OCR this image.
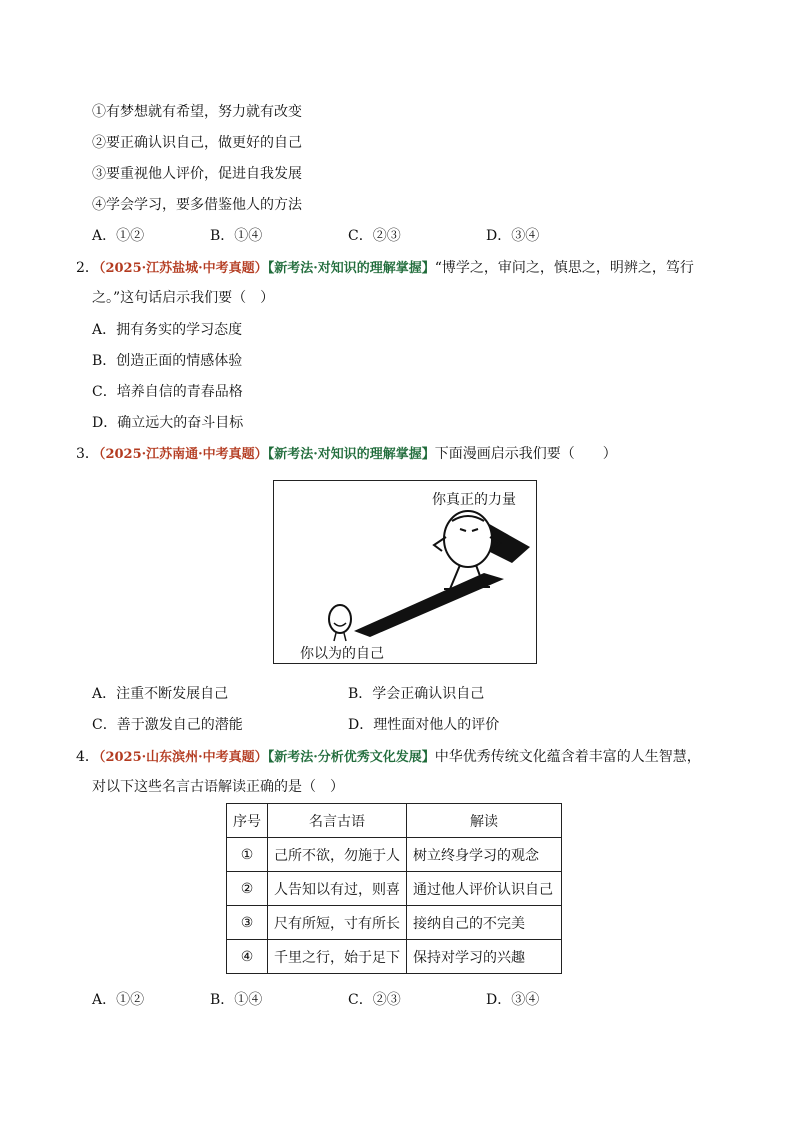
①有梦想就有希望，努力就有改变
②要正确认识自己，做更好的自己
③要重视他人评价，促进自我发展
④学会学习，要多借鉴他人的方法
A．①②	B．①④	C．②③	D．③④
2．（2025·江苏盐城·中考真题）【新考法·对知识的理解掌握】“博学之，审问之，慎思之，明辨之，笃行
之。”这句话启示我们要（　）
A．拥有务实的学习态度
B．创造正面的情感体验
C．培养自信的青春品格
D．确立远大的奋斗目标
3．（2025·江苏南通·中考真题）【新考法·对知识的理解掌握】下面漫画启示我们要（　　）
你真正的力量
你以为的自己
A．注重不断发展自己	B．学会正确认识自己
C．善于激发自己的潜能	D．理性面对他人的评价
4．（2025·山东滨州·中考真题）【新考法·分析优秀文化发展】中华优秀传统文化蕴含着丰富的人生智慧，
对以下这些名言古语解读正确的是（　）
序号	名言古语	解读
①	己所不欲，勿施于人	树立终身学习的观念
②	人告知以有过，则喜	通过他人评价认识自己
③	尺有所短，寸有所长	接纳自己的不完美
④	千里之行，始于足下	保持对学习的兴趣
A．①②	B．①④	C．②③	D．③④
